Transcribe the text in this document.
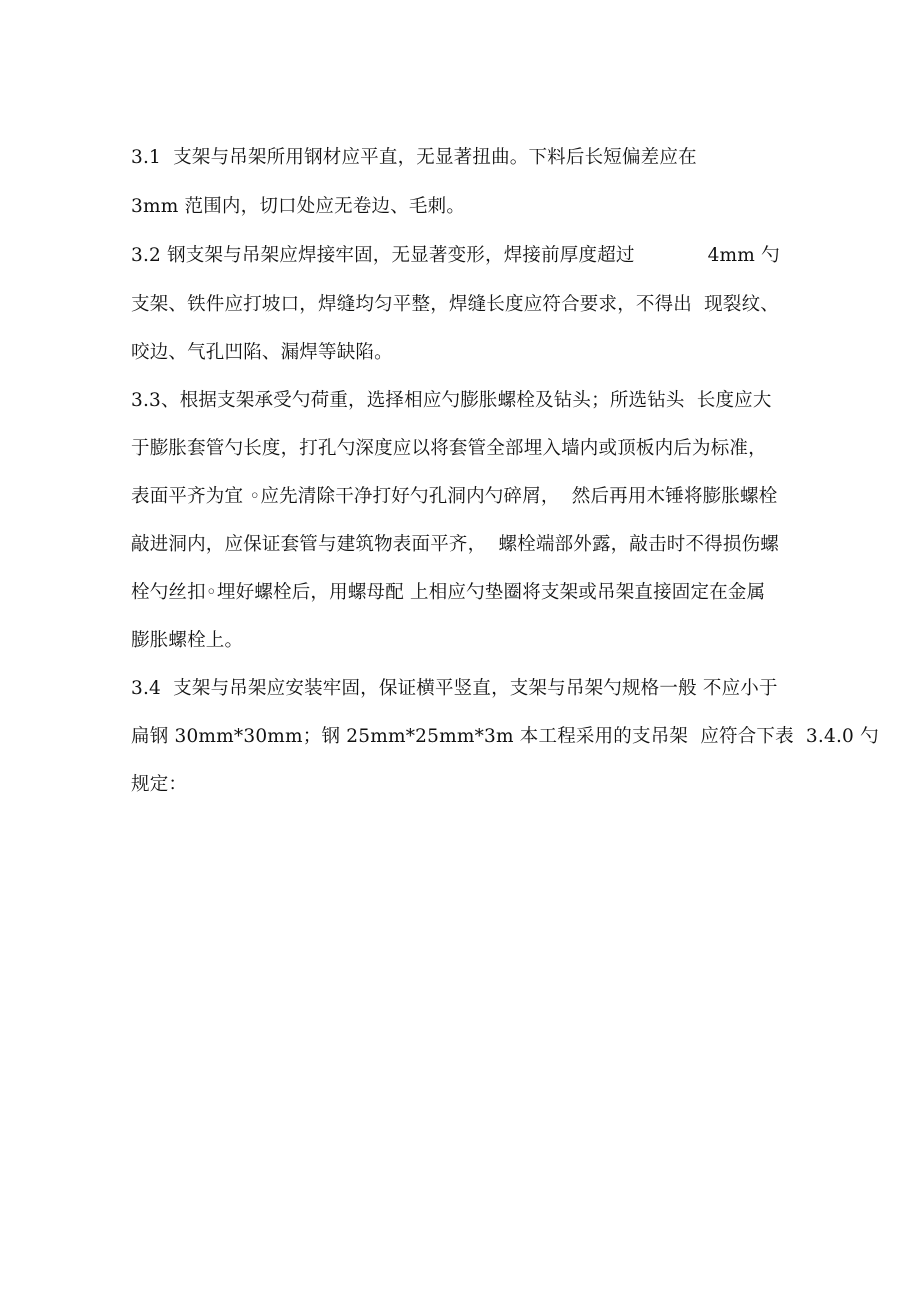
3.1  支架与吊架所用钢材应平直，无显著扭曲。下料后长短偏差应在
3mm 范围内，切口处应无卷边、毛刺。
3.2 钢支架与吊架应焊接牢固，无显著变形，焊接前厚度超过            4mm 勺
支架、铁件应打坡口，焊缝均匀平整，焊缝长度应符合要求，不得出  现裂纹、
咬边、气孔凹陷、漏焊等缺陷。
3.3、根据支架承受勺荷重，选择相应勺膨胀螺栓及钻头；所选钻头  长度应大
于膨胀套管勺长度，打孔勺深度应以将套管全部埋入墙内或顶板内后为标准，
表面平齐为宜 ◦应先清除干净打好勺孔洞内勺碎屑，  然后再用木锤将膨胀螺栓
敲进洞内，应保证套管与建筑物表面平齐，  螺栓端部外露，敲击时不得损伤螺
栓勺丝扣◦埋好螺栓后，用螺母配 上相应勺垫圈将支架或吊架直接固定在金属
膨胀螺栓上。
3.4  支架与吊架应安装牢固，保证横平竖直，支架与吊架勺规格一般 不应小于
扁钢 30mm*30mm；钢 25mm*25mm*3m 本工程采用的支吊架  应符合下表  3.4.0 勺
规定：
